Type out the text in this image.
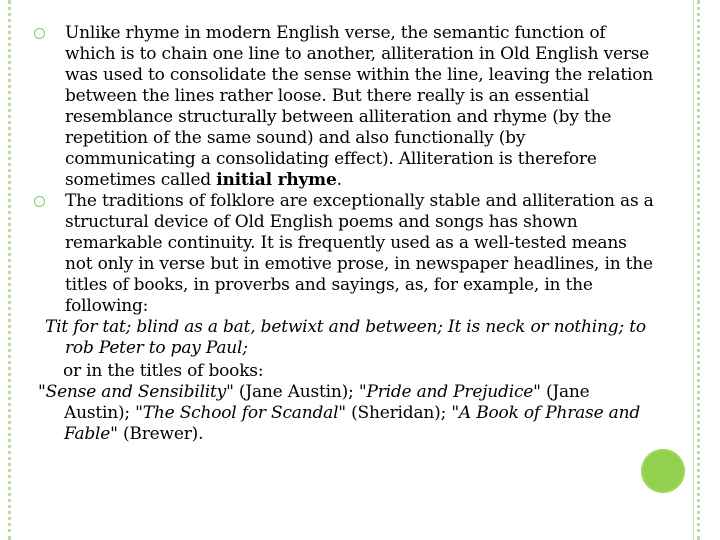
Unlike rhyme in modern English verse, the semantic function of which is to chain one line to another, alliteration in Old English verse was used to consolidate the sense within the line, leaving the relation between the lines rather loose. But there really is an essential resemblance structurally between alliteration and rhyme (by the repetition of the same sound) and also functionally (by communicating a consolidating effect). Alliteration is therefore sometimes called initial rhyme.

The traditions of folklore are exceptionally stable and alliteration as a structural device of Old English poems and songs has shown remarkable continuity. It is frequently used as a well-tested means not only in verse but in emotive prose, in newspaper headlines, in the titles of books, in proverbs and sayings, as, for example, in the following:

Tit for tat; blind as a bat, betwixt and between; It is neck or nothing; to rob Peter to pay Paul;

or in the titles of books:

"Sense and Sensibility" (Jane Austin); "Pride and Prejudice" (Jane Austin); "The School for Scandal" (Sheridan); "A Book of Phrase and Fable" (Brewer).
